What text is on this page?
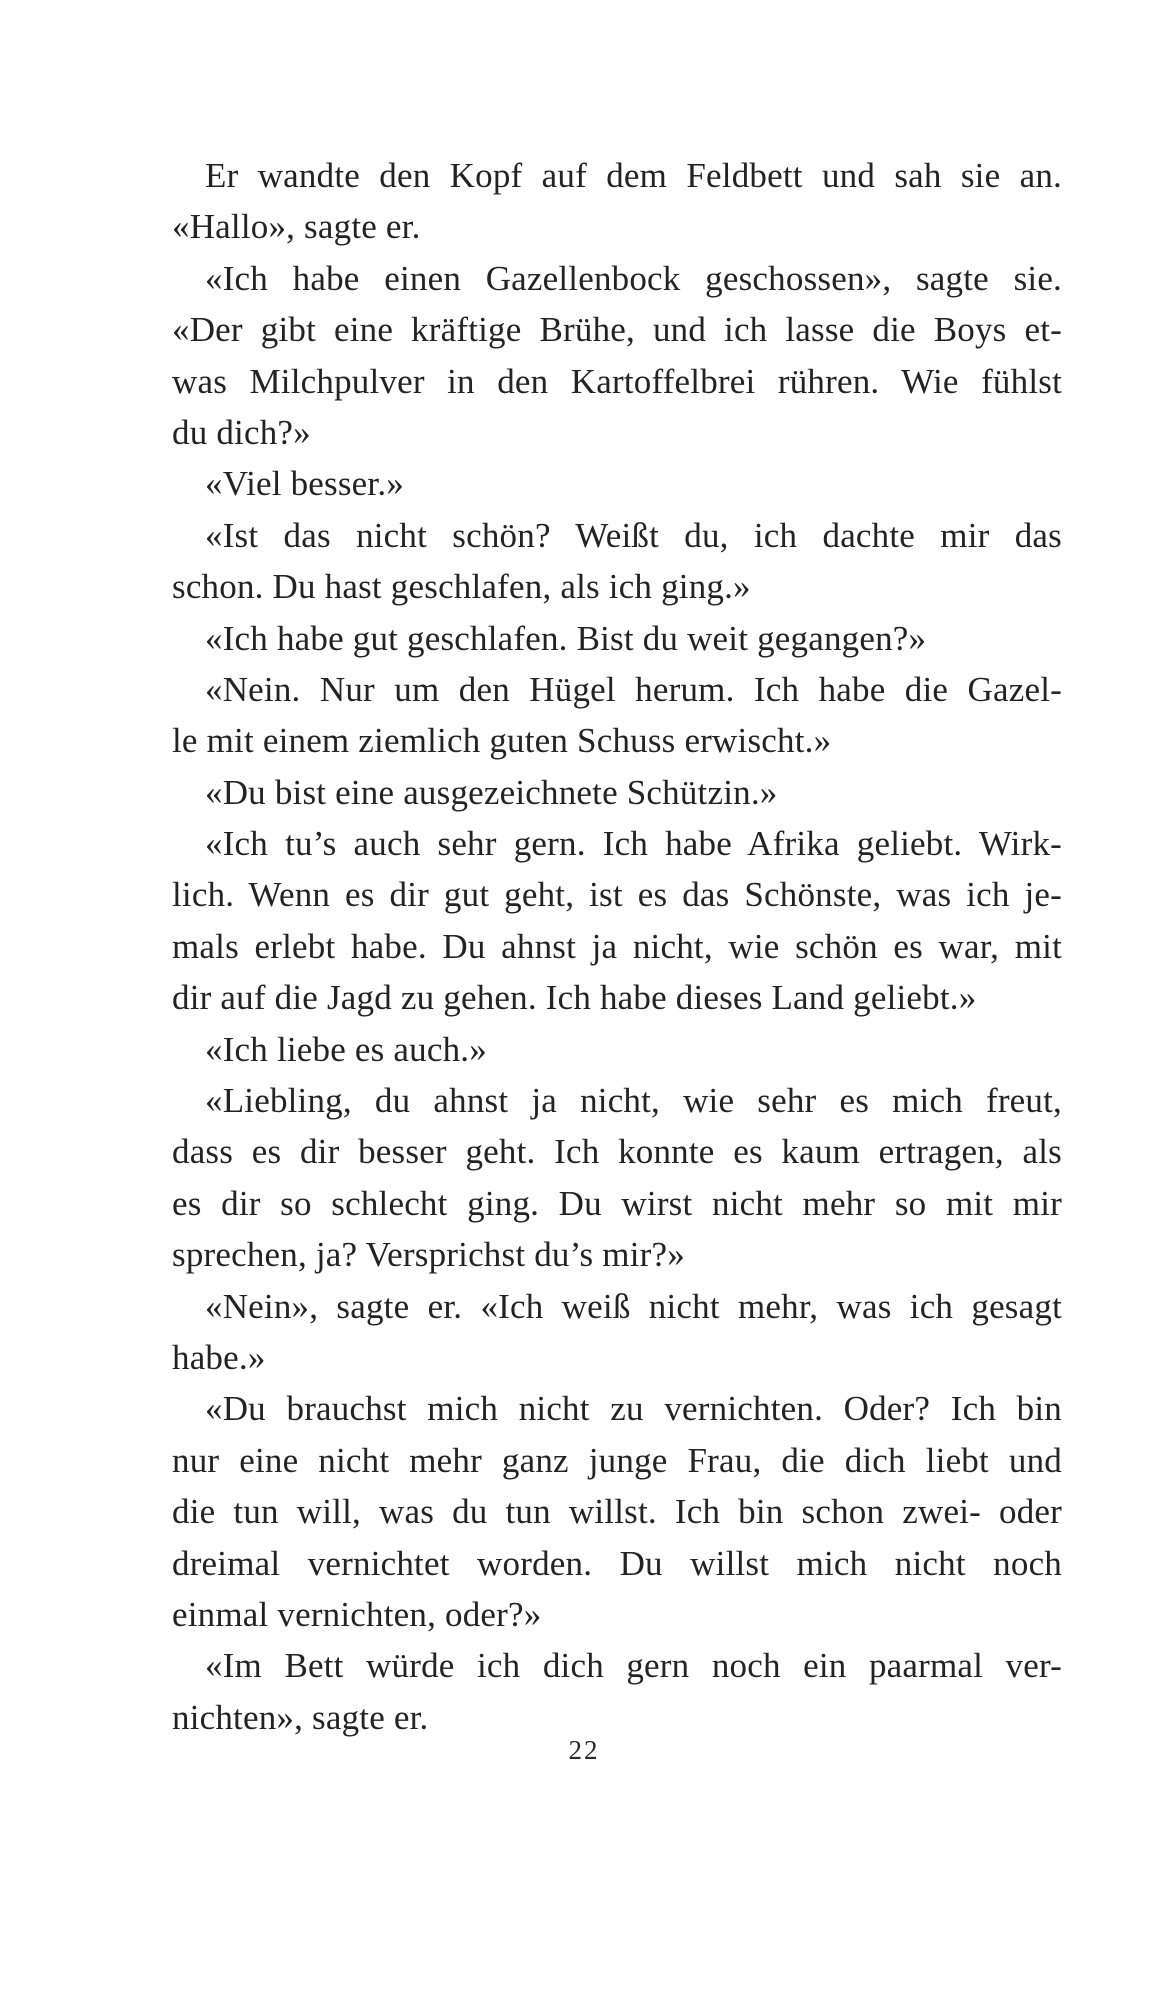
Er wandte den Kopf auf dem Feldbett und sah sie an.
«Hallo», sagte er.
«Ich habe einen Gazellenbock geschossen», sagte sie.
«Der gibt eine kräftige Brühe, und ich lasse die Boys et-
was Milchpulver in den Kartoffelbrei rühren. Wie fühlst
du dich?»
«Viel besser.»
«Ist das nicht schön? Weißt du, ich dachte mir das
schon. Du hast geschlafen, als ich ging.»
«Ich habe gut geschlafen. Bist du weit gegangen?»
«Nein. Nur um den Hügel herum. Ich habe die Gazel-
le mit einem ziemlich guten Schuss erwischt.»
«Du bist eine ausgezeichnete Schützin.»
«Ich tu’s auch sehr gern. Ich habe Afrika geliebt. Wirk-
lich. Wenn es dir gut geht, ist es das Schönste, was ich je-
mals erlebt habe. Du ahnst ja nicht, wie schön es war, mit
dir auf die Jagd zu gehen. Ich habe dieses Land geliebt.»
«Ich liebe es auch.»
«Liebling, du ahnst ja nicht, wie sehr es mich freut,
dass es dir besser geht. Ich konnte es kaum ertragen, als
es dir so schlecht ging. Du wirst nicht mehr so mit mir
sprechen, ja? Versprichst du’s mir?»
«Nein», sagte er. «Ich weiß nicht mehr, was ich gesagt
habe.»
«Du brauchst mich nicht zu vernichten. Oder? Ich bin
nur eine nicht mehr ganz junge Frau, die dich liebt und
die tun will, was du tun willst. Ich bin schon zwei- oder
dreimal vernichtet worden. Du willst mich nicht noch
einmal vernichten, oder?»
«Im Bett würde ich dich gern noch ein paarmal ver-
nichten», sagte er.
22
